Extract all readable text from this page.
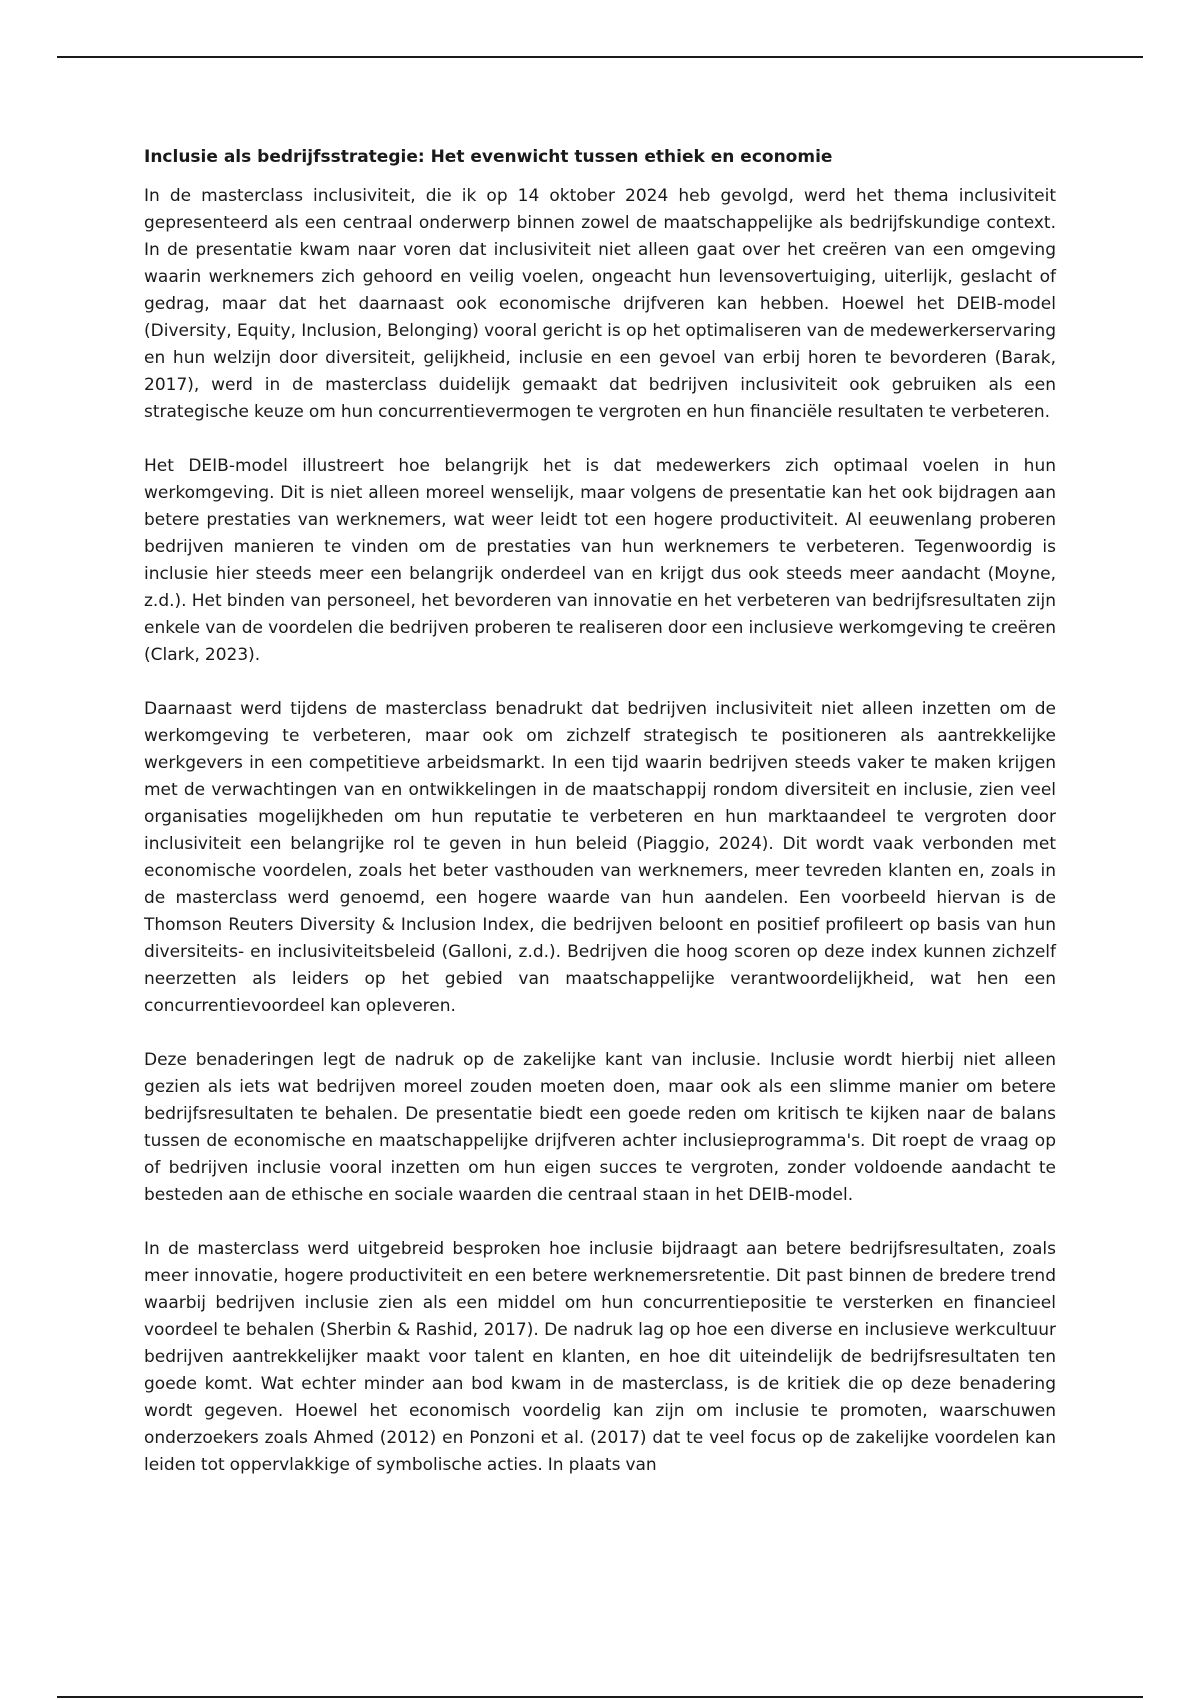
Inclusie als bedrijfsstrategie: Het evenwicht tussen ethiek en economie

In de masterclass inclusiviteit, die ik op 14 oktober 2024 heb gevolgd, werd het thema inclusiviteit gepresenteerd als een centraal onderwerp binnen zowel de maatschappelijke als bedrijfskundige context. In de presentatie kwam naar voren dat inclusiviteit niet alleen gaat over het creëren van een omgeving waarin werknemers zich gehoord en veilig voelen, ongeacht hun levensovertuiging, uiterlijk, geslacht of gedrag, maar dat het daarnaast ook economische drijfveren kan hebben. Hoewel het DEIB-model (Diversity, Equity, Inclusion, Belonging) vooral gericht is op het optimaliseren van de medewerkerservaring en hun welzijn door diversiteit, gelijkheid, inclusie en een gevoel van erbij horen te bevorderen (Barak, 2017), werd in de masterclass duidelijk gemaakt dat bedrijven inclusiviteit ook gebruiken als een strategische keuze om hun concurrentievermogen te vergroten en hun financiële resultaten te verbeteren.

Het DEIB-model illustreert hoe belangrijk het is dat medewerkers zich optimaal voelen in hun werkomgeving. Dit is niet alleen moreel wenselijk, maar volgens de presentatie kan het ook bijdragen aan betere prestaties van werknemers, wat weer leidt tot een hogere productiviteit. Al eeuwenlang proberen bedrijven manieren te vinden om de prestaties van hun werknemers te verbeteren. Tegenwoordig is inclusie hier steeds meer een belangrijk onderdeel van en krijgt dus ook steeds meer aandacht (Moyne, z.d.). Het binden van personeel, het bevorderen van innovatie en het verbeteren van bedrijfsresultaten zijn enkele van de voordelen die bedrijven proberen te realiseren door een inclusieve werkomgeving te creëren (Clark, 2023).

Daarnaast werd tijdens de masterclass benadrukt dat bedrijven inclusiviteit niet alleen inzetten om de werkomgeving te verbeteren, maar ook om zichzelf strategisch te positioneren als aantrekkelijke werkgevers in een competitieve arbeidsmarkt. In een tijd waarin bedrijven steeds vaker te maken krijgen met de verwachtingen van en ontwikkelingen in de maatschappij rondom diversiteit en inclusie, zien veel organisaties mogelijkheden om hun reputatie te verbeteren en hun marktaandeel te vergroten door inclusiviteit een belangrijke rol te geven in hun beleid (Piaggio, 2024). Dit wordt vaak verbonden met economische voordelen, zoals het beter vasthouden van werknemers, meer tevreden klanten en, zoals in de masterclass werd genoemd, een hogere waarde van hun aandelen. Een voorbeeld hiervan is de Thomson Reuters Diversity & Inclusion Index, die bedrijven beloont en positief profileert op basis van hun diversiteits- en inclusiviteitsbeleid (Galloni, z.d.). Bedrijven die hoog scoren op deze index kunnen zichzelf neerzetten als leiders op het gebied van maatschappelijke verantwoordelijkheid, wat hen een concurrentievoordeel kan opleveren.

Deze benaderingen legt de nadruk op de zakelijke kant van inclusie. Inclusie wordt hierbij niet alleen gezien als iets wat bedrijven moreel zouden moeten doen, maar ook als een slimme manier om betere bedrijfsresultaten te behalen. De presentatie biedt een goede reden om kritisch te kijken naar de balans tussen de economische en maatschappelijke drijfveren achter inclusieprogramma's. Dit roept de vraag op of bedrijven inclusie vooral inzetten om hun eigen succes te vergroten, zonder voldoende aandacht te besteden aan de ethische en sociale waarden die centraal staan in het DEIB-model.

In de masterclass werd uitgebreid besproken hoe inclusie bijdraagt aan betere bedrijfsresultaten, zoals meer innovatie, hogere productiviteit en een betere werknemersretentie. Dit past binnen de bredere trend waarbij bedrijven inclusie zien als een middel om hun concurrentiepositie te versterken en financieel voordeel te behalen (Sherbin & Rashid, 2017). De nadruk lag op hoe een diverse en inclusieve werkcultuur bedrijven aantrekkelijker maakt voor talent en klanten, en hoe dit uiteindelijk de bedrijfsresultaten ten goede komt. Wat echter minder aan bod kwam in de masterclass, is de kritiek die op deze benadering wordt gegeven. Hoewel het economisch voordelig kan zijn om inclusie te promoten, waarschuwen onderzoekers zoals Ahmed (2012) en Ponzoni et al. (2017) dat te veel focus op de zakelijke voordelen kan leiden tot oppervlakkige of symbolische acties. In plaats van
